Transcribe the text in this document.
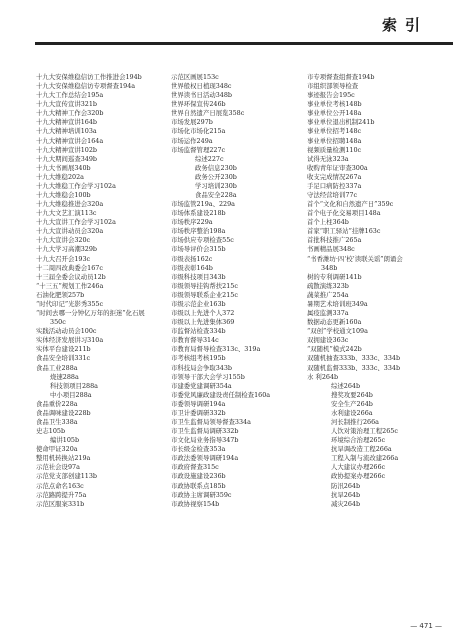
索引
十九大安保维稳信访工作推进会194b
十九大安保维稳信访专项督查194a
十九大工作总结会195a
十九大宣传宣讲321b
十九大精神工作会320b
十九大精神宣讲164b
十九大精神培训103a
十九大精神宣讲会164a
十九大精神宣讲102b
十九大期间巡查349b
十九大书画展340b
十九大维稳202a
十九大维稳工作会学习102a
十九大维稳会100b
十九大维稳推进会320a
十九大文艺汇演113c
十九大宣讲工作会学习102a
十九大宣讲动员会320a
十九大宣讲会320c
十九大学习高潮329b
十九大召开会193c
十二周四改典委会167c
十三届全委会议动员12b
“十三五”规划工作246a
石油化肥领257b
“时代印记”光影秀355c
“时间去哪一分钟亿万年的拒迷”化石展
350c
实践活动动员会100c
实体经济发展讲习310a
实体平台建设211b
食品安全培训331c
食品工业288a
烧速288a
科技领项目288a
中小项目288a
食品重价228a
食品调味建设228b
食品卫生338a
史志105b
编讲105b
使命甲证320a
整用机转换站219a
示范社会设97a
示范党支部创建113b
示范点命名163c
示范路跨提升75a
示范区服案331b
示范区画展153c
世界般权日植现348c
世界读书日活动348b
世界环保宣传246b
世界自然遗产日展览358c
市场发展297b
市场化市场化215a
市场运作249a
市场监督管理227c
综述227c
政务信息230b
政务公开230b
学习培训230b
食品安全228a
市场监管219a、229a
市场体系建设218b
市场秩序229a
市场秩序整治198a
市场供应专项检查55c
市场导评价会315b
市级表扬162c
市级表彰164b
市级科技项目343b
市级领导挂钩帮扶215c
市级领导联系企业215c
市级示范企业163b
市级以上先进个人372
市级以上先进集体369
市监督站检查334b
市教育督导314c
市教育局督导检查313c、319a
市考核组考核195b
市科技局会争取343b
市领导干部大会学习155b
市建委党建调研354a
市委党风廉政建设责任制检查160a
市委领导调研194a
市卫计委调研332b
市卫生监督局领导督查334a
市卫生监督局调研332b
市文化局业务指导347b
市长级金检查353a
市政法委领导调研194a
市政府督查315c
市政设施建设236b
市政协联系点185b
市政协主席调研359c
市政协视察154b
市专项督查组督查194b
市组织部领导检查
事迹报告会195c
事业单位考核148b
事业单位公开148a
事业单位退出机制241b
事业单位招考148c
事业单位招聘148a
视频质量检测110c
试得无泳323a
收购青年证审查300a
收支完成情况267a
手足口病防控337a
守法经营培训77c
首个“文化和自然遗产日”359c
首个电子化交易项目148a
首个上柱364b
首家“职工驿站”挂牌163c
首批科技推广265a
书画精品展348c
“书香潍坊·四‘校’读联关谣”朗诵会
348b
树的专利调研141b
疏散演练323b
蔬菜推广254a
暑期艺术培训班349a
属疫监测337a
数据动态更新160a
“双创”学校通文109a
双拥建设363c
“双随机”模式242b
双随机抽查333b、333c、334b
双随机监督333b、333c、334b
水 利264b
综述264b
搜奖攻要264b
安全生产264b
水利建设266a
河长制推行266a
人饮对策治理工程265c
环境综合治理265c
抗旱调改造工程266a
工程入制与流改建266a
人大建议办理266c
政协提案办理266c
防汛264b
抗旱264b
减灾264b
— 471 —
